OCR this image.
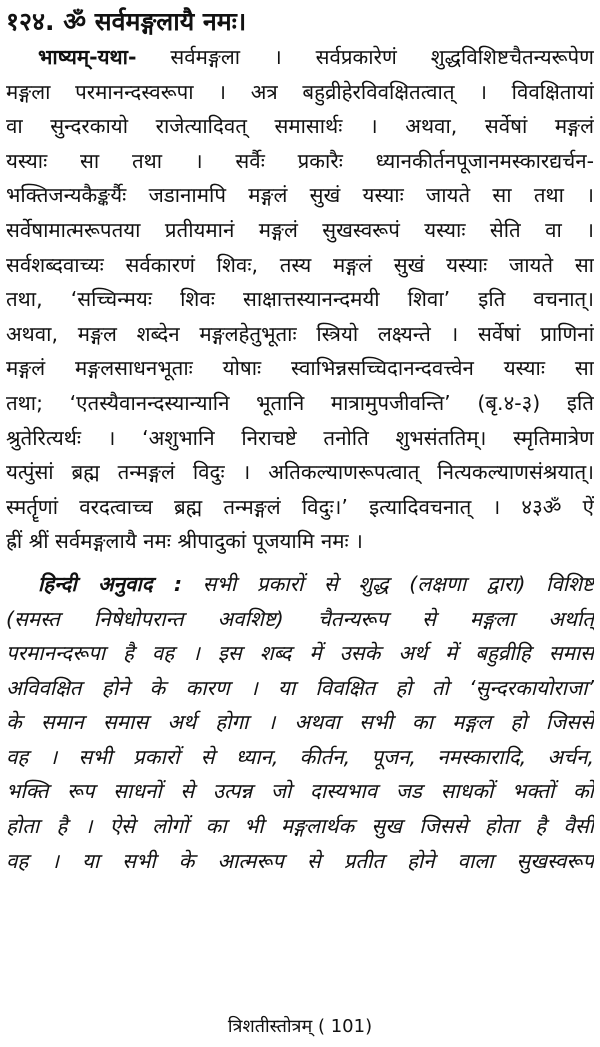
१२४. ॐ सर्वमङ्गलायै नमः।
भाष्यम्-यथा- सर्वमङ्गला । सर्वप्रकारेणं शुद्धविशिष्टचैतन्यरूपेण
मङ्गला परमानन्दस्वरूपा । अत्र बहुव्रीहेरविवक्षितत्वात् । विवक्षितायां
वा सुन्दरकायो राजेत्यादिवत् समासार्थः । अथवा, सर्वेषां मङ्गलं
यस्याः सा तथा । सर्वैः प्रकारैः ध्यानकीर्तनपूजानमस्कारद्यर्चन-
भक्तिजन्यकैङ्कर्यैः जडानामपि मङ्गलं सुखं यस्याः जायते सा तथा ।
सर्वेषामात्मरूपतया प्रतीयमानं मङ्गलं सुखस्वरूपं यस्याः सेति वा ।
सर्वशब्दवाच्यः सर्वकारणं शिवः, तस्य मङ्गलं सुखं यस्याः जायते सा
तथा, ‘सच्चिन्मयः शिवः साक्षात्तस्यानन्दमयी शिवा’ इति वचनात्।
अथवा, मङ्गल शब्देन मङ्गलहेतुभूताः स्त्रियो लक्ष्यन्ते । सर्वेषां प्राणिनां
मङ्गलं मङ्गलसाधनभूताः योषाः स्वाभिन्नसच्चिदानन्दवत्त्वेन यस्याः सा
तथा; ‘एतस्यैवानन्दस्यान्यानि भूतानि मात्रामुपजीवन्ति’ (बृ.४-३) इति
श्रुतेरित्यर्थः । ‘अशुभानि निराचष्टे तनोति शुभसंततिम्। स्मृतिमात्रेण
यत्पुंसां ब्रह्म तन्मङ्गलं विदुः । अतिकल्याणरूपत्वात् नित्यकल्याणसंश्रयात्।
स्मर्तॄणां वरदत्वाच्च ब्रह्म तन्मङ्गलं विदुः।’ इत्यादिवचनात् । ४३ॐ ऐं
ह्रीं श्रीं सर्वमङ्गलायै नमः श्रीपादुकां पूजयामि नमः ।
हिन्दी अनुवाद : सभी प्रकारों से शुद्ध (लक्षणा द्वारा) विशिष्ट
(समस्त निषेधोपरान्त अवशिष्ट) चैतन्यरूप से मङ्गला अर्थात्
परमानन्दरूपा है वह । इस शब्द में उसके अर्थ में बहुव्रीहि समास
अविवक्षित होने के कारण । या विवक्षित हो तो ‘सुन्दरकायोराजा’
के समान समास अर्थ होगा । अथवा सभी का मङ्गल हो जिससे
वह । सभी प्रकारों से ध्यान, कीर्तन, पूजन, नमस्कारादि, अर्चन,
भक्ति रूप साधनों से उत्पन्न जो दास्यभाव जड साधकों भक्तों को
होता है । ऐसे लोगों का भी मङ्गलार्थक सुख जिससे होता है वैसी
वह । या सभी के आत्मरूप से प्रतीत होने वाला सुखस्वरूप
त्रिशतीस्तोत्रम् ( 101)
